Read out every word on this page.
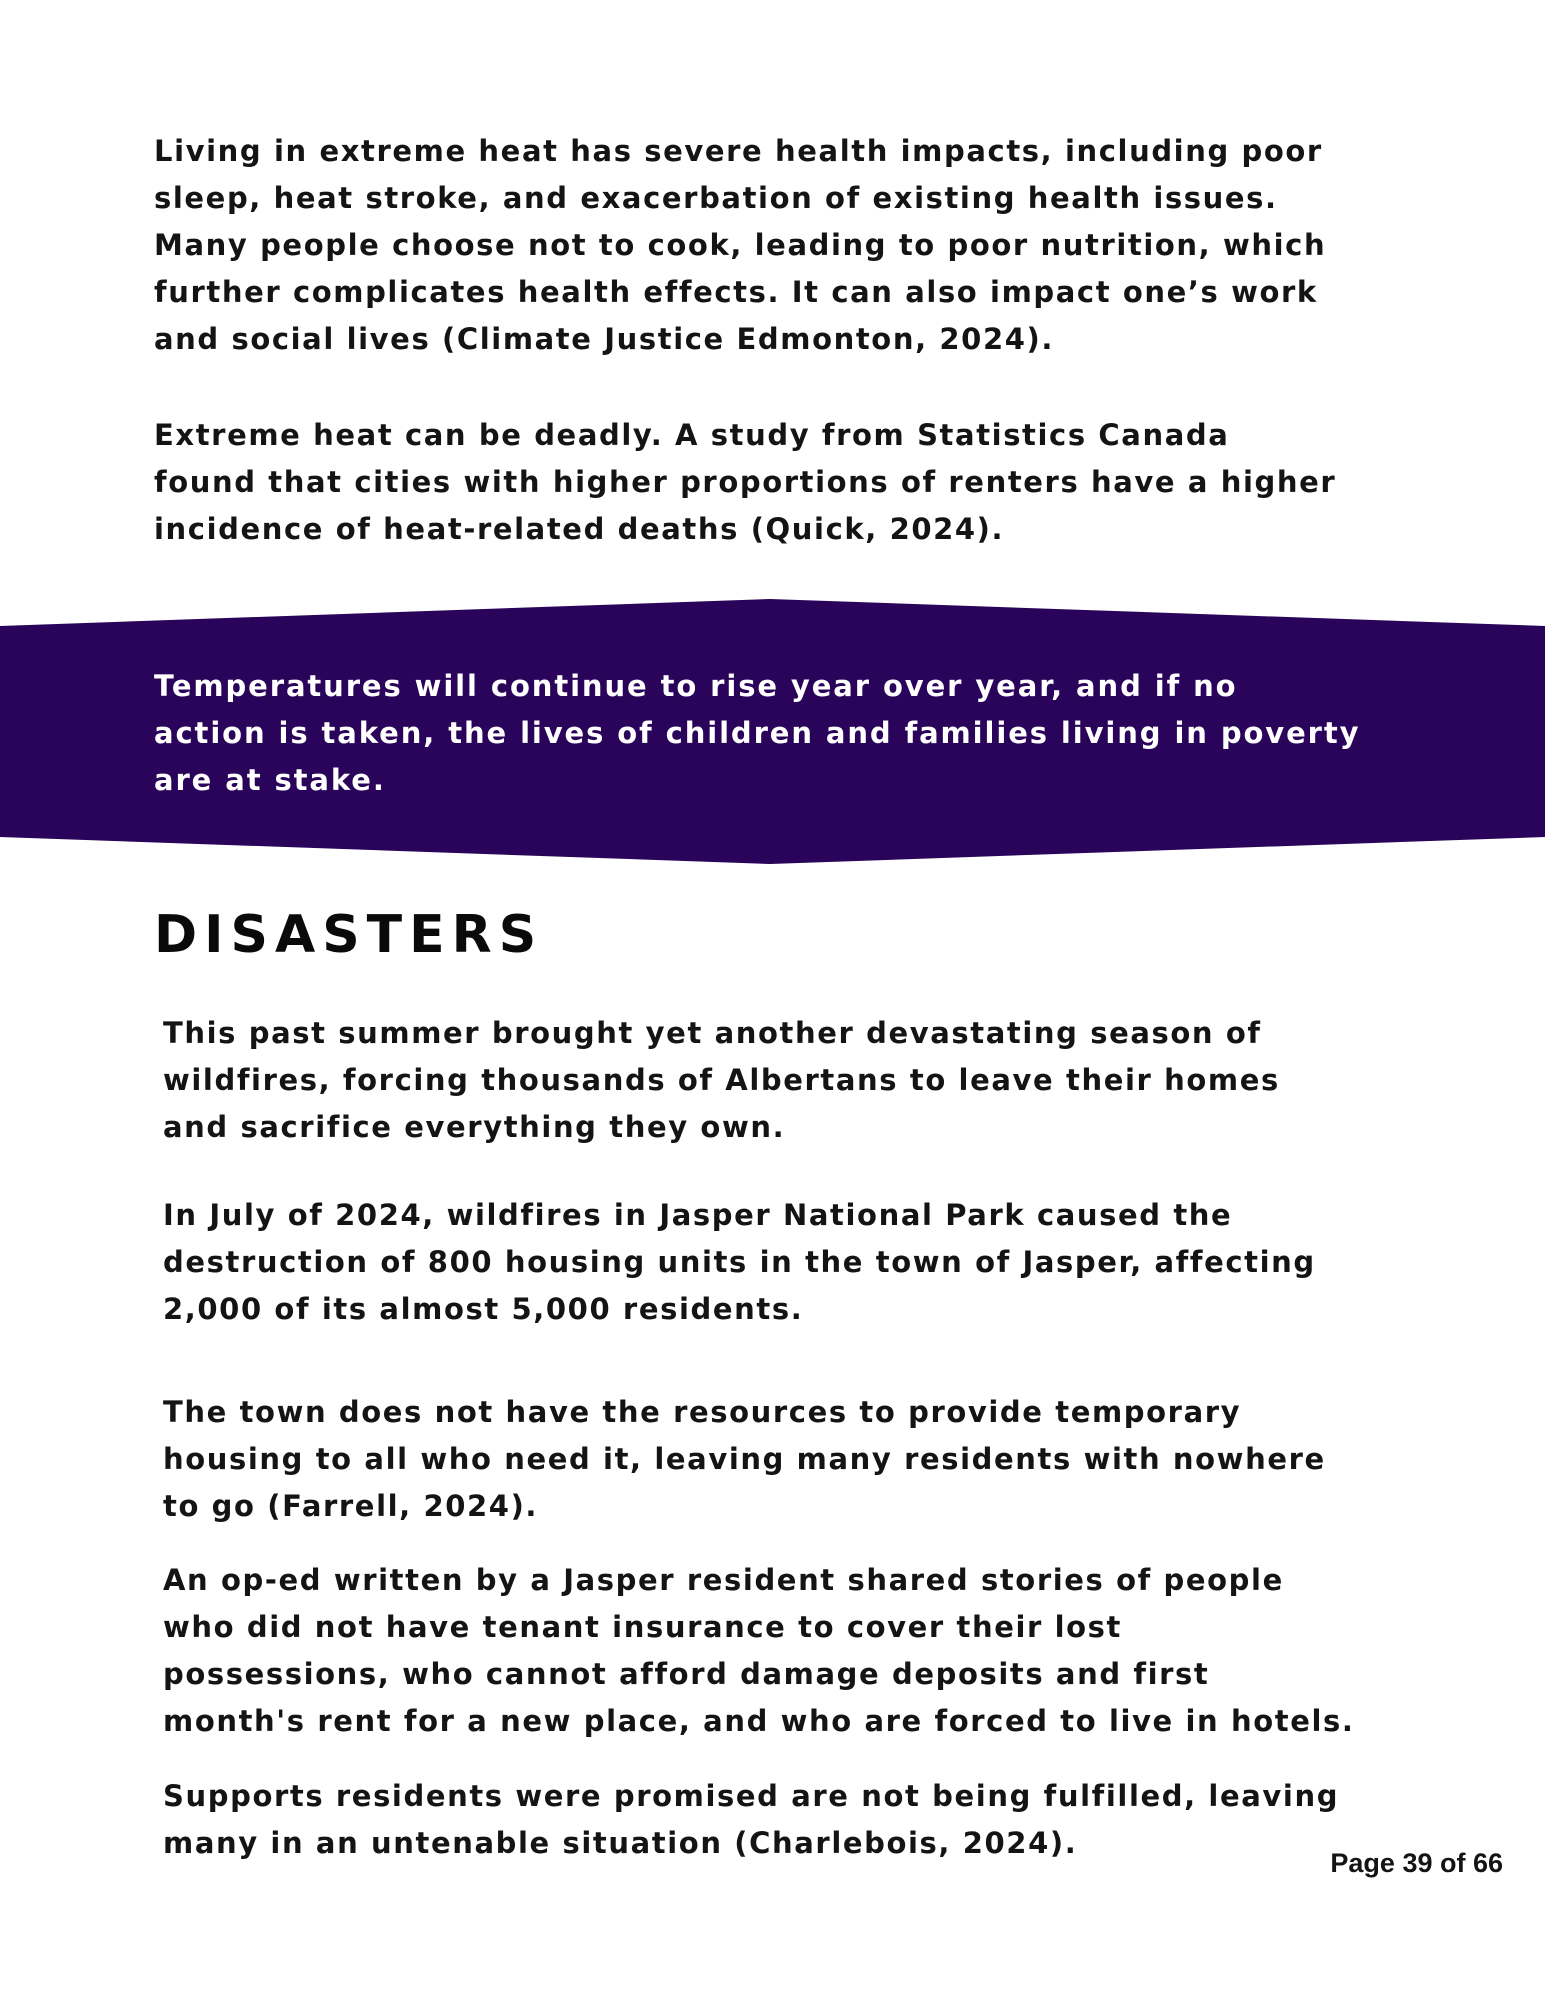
Living in extreme heat has severe health impacts, including poor
sleep, heat stroke, and exacerbation of existing health issues.
Many people choose not to cook, leading to poor nutrition, which
further complicates health effects. It can also impact one’s work
and social lives (Climate Justice Edmonton, 2024).

Extreme heat can be deadly. A study from Statistics Canada
found that cities with higher proportions of renters have a higher
incidence of heat-related deaths (Quick, 2024).

Temperatures will continue to rise year over year, and if no
action is taken, the lives of children and families living in poverty
are at stake.

DISASTERS

This past summer brought yet another devastating season of
wildfires, forcing thousands of Albertans to leave their homes
and sacrifice everything they own.

In July of 2024, wildfires in Jasper National Park caused the
destruction of 800 housing units in the town of Jasper, affecting
2,000 of its almost 5,000 residents.

The town does not have the resources to provide temporary
housing to all who need it, leaving many residents with nowhere
to go (Farrell, 2024).

An op-ed written by a Jasper resident shared stories of people
who did not have tenant insurance to cover their lost
possessions, who cannot afford damage deposits and first
month's rent for a new place, and who are forced to live in hotels.

Supports residents were promised are not being fulfilled, leaving
many in an untenable situation (Charlebois, 2024).

Page 39 of 66
